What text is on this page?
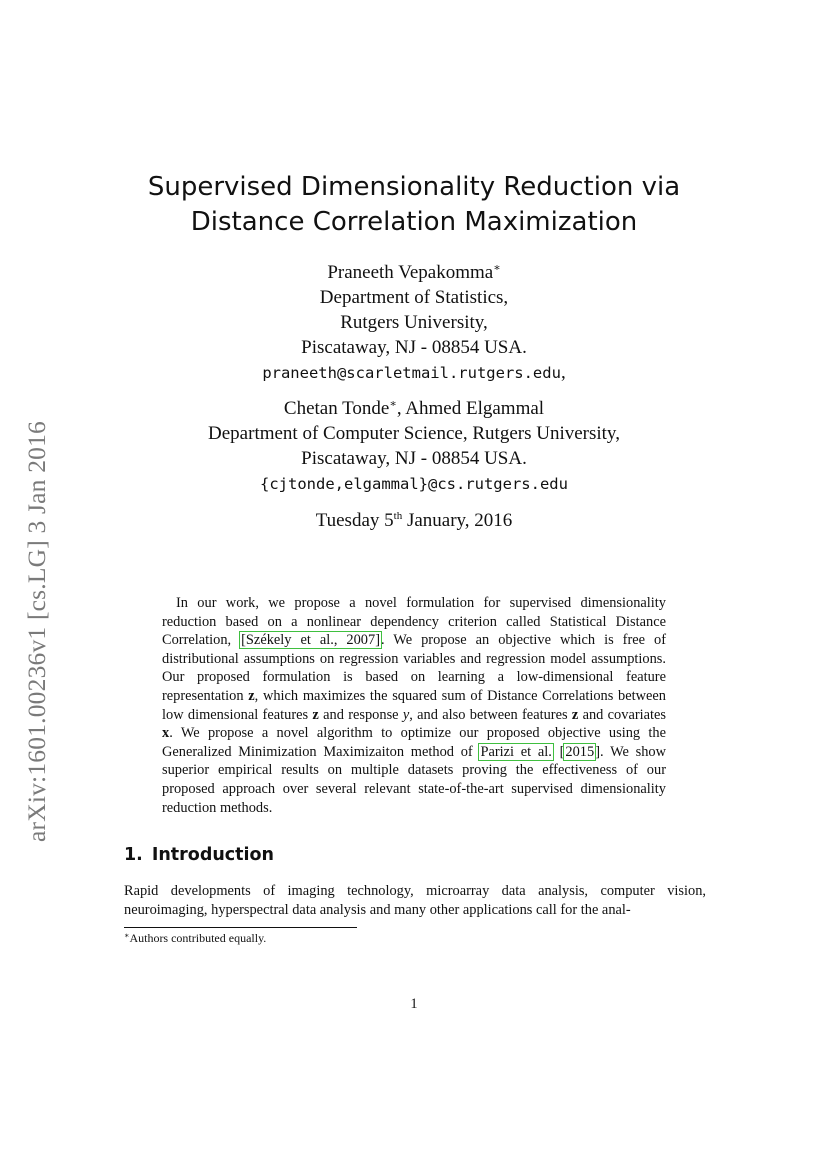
arXiv:1601.00236v1 [cs.LG] 3 Jan 2016
Supervised Dimensionality Reduction via
Distance Correlation Maximization
Praneeth Vepakomma∗
Department of Statistics,
Rutgers University,
Piscataway, NJ - 08854 USA.
praneeth@scarletmail.rutgers.edu,
Chetan Tonde∗, Ahmed Elgammal
Department of Computer Science, Rutgers University,
Piscataway, NJ - 08854 USA.
{cjtonde,elgammal}@cs.rutgers.edu
Tuesday 5th January, 2016

In our work, we propose a novel formulation for supervised dimensionality reduction based on a nonlinear dependency criterion called Statistical Distance Correlation, [Székely et al., 2007]. We propose an objective which is free of distributional assumptions on regression variables and regression model assumptions. Our proposed formulation is based on learning a low-dimensional feature representation z, which maximizes the squared sum of Distance Correlations between low dimensional features z and response y, and also between features z and covariates x. We propose a novel algorithm to optimize our proposed objective using the Generalized Minimization Maximizaiton method of Parizi et al. [2015]. We show superior empirical results on multiple datasets proving the effectiveness of our proposed approach over several relevant state-of-the-art supervised dimensionality reduction methods.

1. Introduction

Rapid developments of imaging technology, microarray data analysis, computer vision, neuroimaging, hyperspectral data analysis and many other applications call for the anal-

∗Authors contributed equally.
1
